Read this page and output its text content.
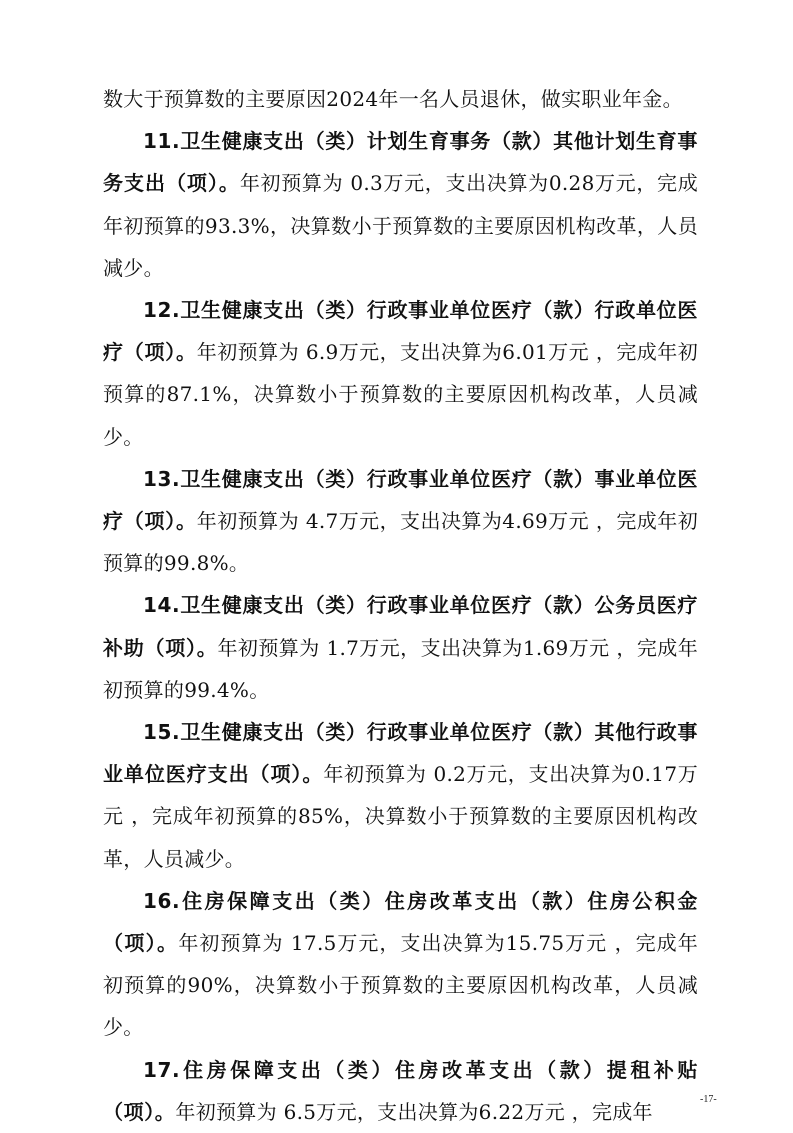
数大于预算数的主要原因2024年一名人员退休，做实职业年金。

11.卫生健康支出（类）计划生育事务（款）其他计划生育事务支出（项）。年初预算为 0.3万元，支出决算为0.28万元，完成年初预算的93.3%，决算数小于预算数的主要原因机构改革，人员减少。

12.卫生健康支出（类）行政事业单位医疗（款）行政单位医疗（项）。年初预算为 6.9万元，支出决算为6.01万元 ，完成年初预算的87.1%，决算数小于预算数的主要原因机构改革，人员减少。

13.卫生健康支出（类）行政事业单位医疗（款）事业单位医疗（项）。年初预算为 4.7万元，支出决算为4.69万元 ，完成年初预算的99.8%。

14.卫生健康支出（类）行政事业单位医疗（款）公务员医疗补助（项）。年初预算为 1.7万元，支出决算为1.69万元 ，完成年初预算的99.4%。

15.卫生健康支出（类）行政事业单位医疗（款）其他行政事业单位医疗支出（项）。年初预算为 0.2万元，支出决算为0.17万元 ，完成年初预算的85%，决算数小于预算数的主要原因机构改革，人员减少。

16.住房保障支出（类）住房改革支出（款）住房公积金（项）。年初预算为 17.5万元，支出决算为15.75万元 ，完成年初预算的90%，决算数小于预算数的主要原因机构改革，人员减少。

17.住房保障支出（类）住房改革支出（款）提租补贴（项）。年初预算为 6.5万元，支出决算为6.22万元 ，完成年

-17-
